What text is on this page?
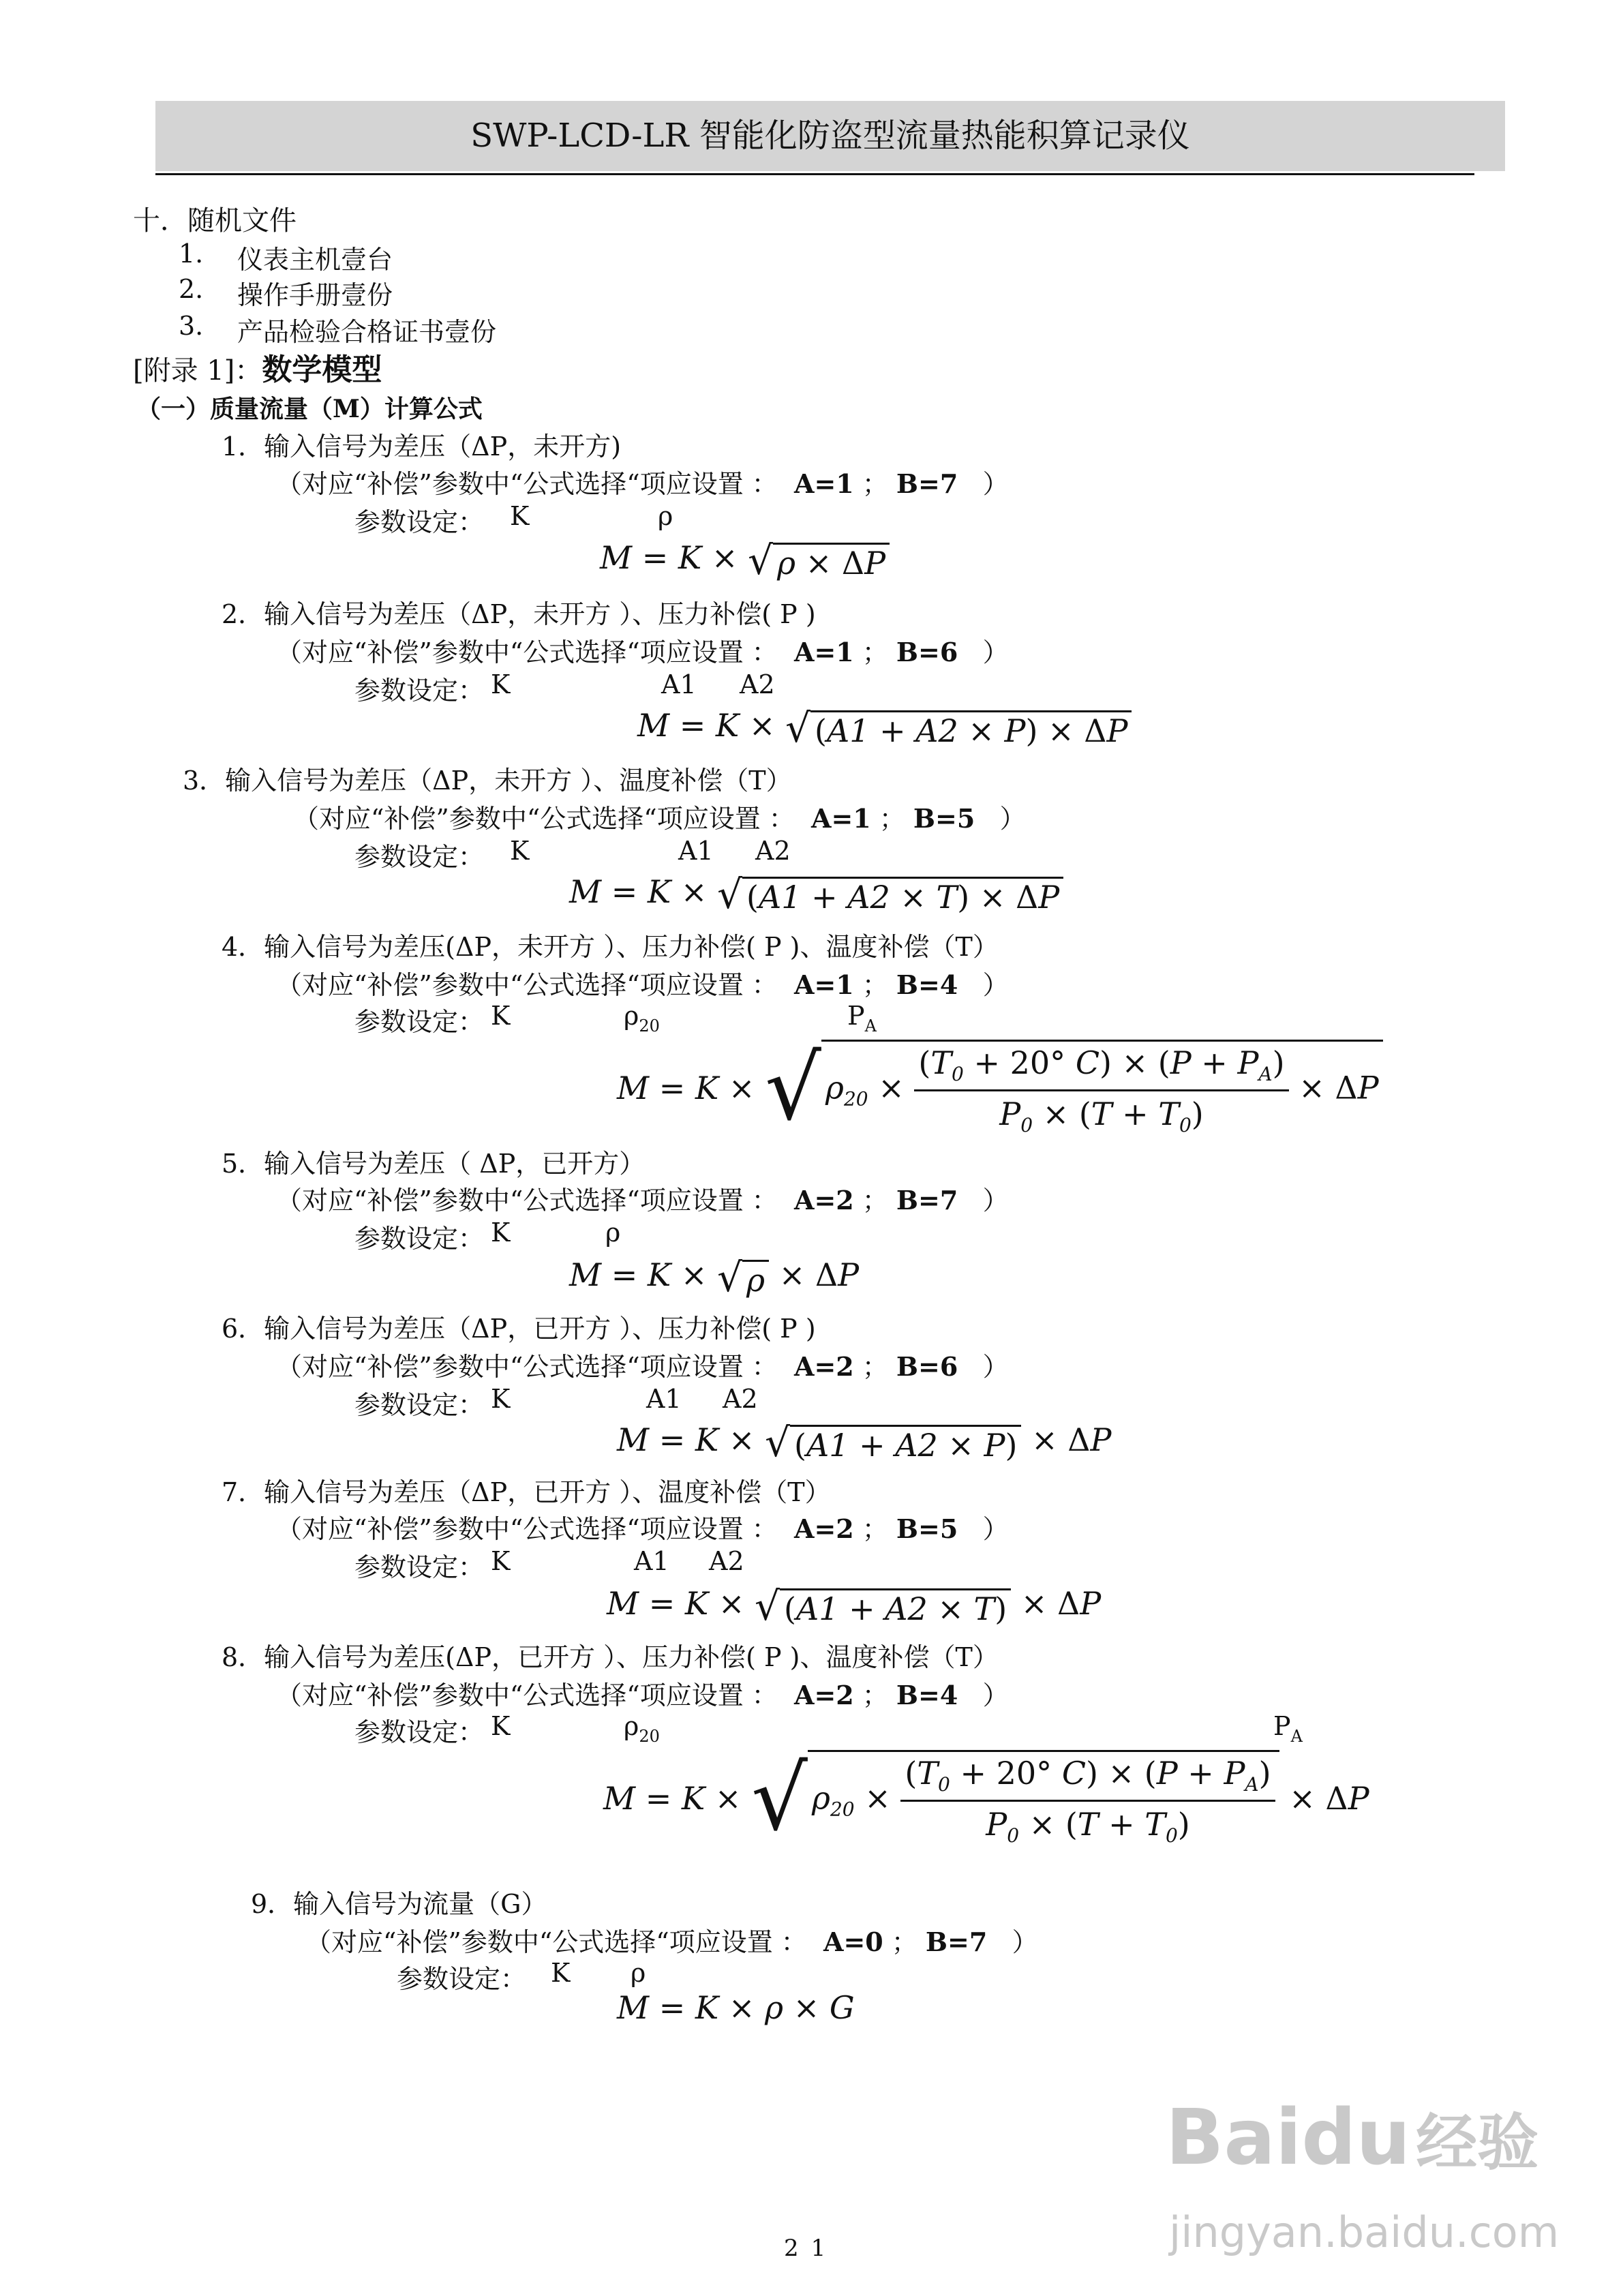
SWP-LCD-LR 智能化防盗型流量热能积算记录仪
十．随机文件
1. 仪表主机壹台
2. 操作手册壹份
3. 产品检验合格证书壹份
[附录 1]：数学模型
（一）质量流量（M）计算公式
1．输入信号为差压（ΔP，未开方)
（对应“补偿”参数中“公式选择“项应设置 ： A=1 ； B=7 ）
参数设定： K	ρ
M = K × √ ρ × ΔP
2．输入信号为差压（ΔP，未开方 ）、压力补偿( P )
（对应“补偿”参数中“公式选择“项应设置 ： A=1 ； B=6 ）
参数设定： K	A1 A2
M = K × √ (A1 + A2 × P) × ΔP
3．输入信号为差压（ΔP，未开方 ）、温度补偿（T）
（对应“补偿”参数中“公式选择“项应设置 ： A=1 ； B=5 ）
参数设定： K	A1 A2
M = K × √ (A1 + A2 × T) × ΔP
4．输入信号为差压(ΔP，未开方 ）、压力补偿( P )、温度补偿（T）
（对应“补偿”参数中“公式选择“项应设置 ： A=1 ； B=4 ）
参数设定： K	$\rho_{20}$	$P_A$
M = K × √ $\rho_{20} \times \frac{(T_0 + 20^\circ C) \times (P + P_A)}{P_0 \times (T + T_0)} \times \Delta P$
5．输入信号为差压（ ΔP，已开方）
（对应“补偿”参数中“公式选择“项应设置 ： A=2 ； B=7 ）
参数设定： K	ρ
M = K × √ ρ × ΔP
6．输入信号为差压（ΔP，已开方 ）、压力补偿( P )
（对应“补偿”参数中“公式选择“项应设置 ： A=2 ； B=6 ）
参数设定： K	A1 A2
M = K × √ (A1 + A2 × P) × ΔP
7．输入信号为差压（ΔP，已开方 ）、温度补偿（T）
（对应“补偿”参数中“公式选择“项应设置 ： A=2 ； B=5 ）
参数设定： K	A1 A2
M = K × √ (A1 + A2 × T) × ΔP
8．输入信号为差压(ΔP，已开方 ）、压力补偿( P )、温度补偿（T）
（对应“补偿”参数中“公式选择“项应设置 ： A=2 ； B=4 ）
参数设定： K	$\rho_{20}$	$P_A$
M = K × √ $\rho_{20} \times \frac{(T_0 + 20^\circ C) \times (P + P_A)}{P_0 \times (T + T_0)} \times \Delta P$
9．输入信号为流量（G）
（对应“补偿”参数中“公式选择“项应设置 ： A=0 ； B=7 ）
参数设定： K ρ
M = K × ρ × G
21
Baidu经验
jingyan.baidu.com
